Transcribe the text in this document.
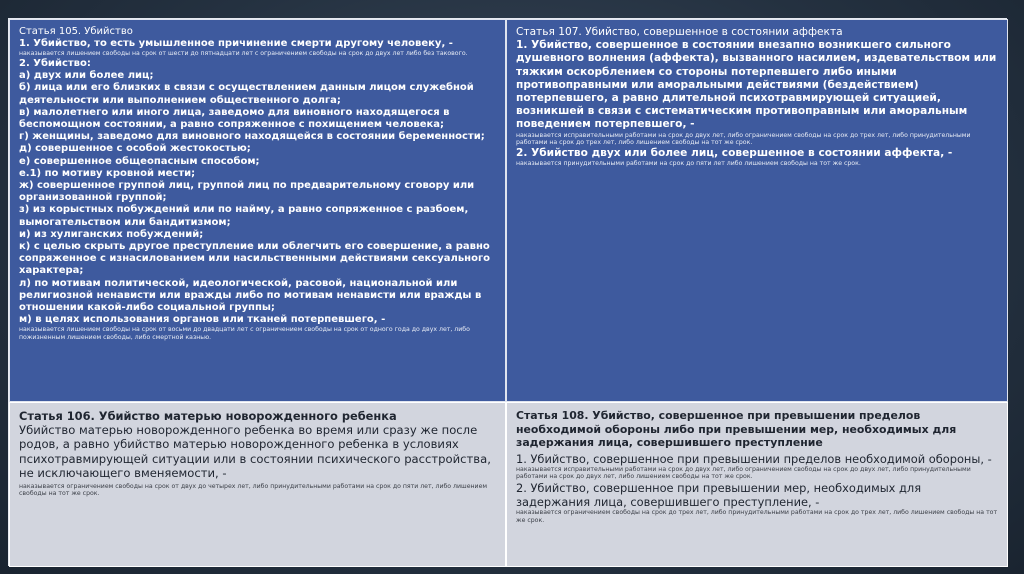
Статья 105. Убийство
1. Убийство, то есть умышленное причинение смерти другому человеку, -
наказывается лишением свободы на срок от шести до пятнадцати лет с ограничением свободы на срок до двух лет либо без такового.
2. Убийство:
а) двух или более лиц;
б) лица или его близких в связи с осуществлением данным лицом служебной деятельности или выполнением общественного долга;
в) малолетнего или иного лица, заведомо для виновного находящегося в беспомощном состоянии, а равно сопряженное с похищением человека;
г) женщины, заведомо для виновного находящейся в состоянии беременности;
д) совершенное с особой жестокостью;
е) совершенное общеопасным способом;
е.1) по мотиву кровной мести;
ж) совершенное группой лиц, группой лиц по предварительному сговору или организованной группой;
з) из корыстных побуждений или по найму, а равно сопряженное с разбоем, вымогательством или бандитизмом;
и) из хулиганских побуждений;
к) с целью скрыть другое преступление или облегчить его совершение, а равно сопряженное с изнасилованием или насильственными действиями сексуального характера;
л) по мотивам политической, идеологической, расовой, национальной или религиозной ненависти или вражды либо по мотивам ненависти или вражды в отношении какой-либо социальной группы;
м) в целях использования органов или тканей потерпевшего, -
наказывается лишением свободы на срок от восьми до двадцати лет с ограничением свободы на срок от одного года до двух лет, либо пожизненным лишением свободы, либо смертной казнью.
Статья 107. Убийство, совершенное в состоянии аффекта
1. Убийство, совершенное в состоянии внезапно возникшего сильного душевного волнения (аффекта), вызванного насилием, издевательством или тяжким оскорблением со стороны потерпевшего либо иными противоправными или аморальными действиями (бездействием) потерпевшего, а равно длительной психотравмирующей ситуацией, возникшей в связи с систематическим противоправным или аморальным поведением потерпевшего, -
наказывается исправительными работами на срок до двух лет, либо ограничением свободы на срок до трех лет, либо принудительными работами на срок до трех лет, либо лишением свободы на тот же срок.
2. Убийство двух или более лиц, совершенное в состоянии аффекта, -
наказывается принудительными работами на срок до пяти лет либо лишением свободы на тот же срок.
Статья 106. Убийство матерью новорожденного ребенка
Убийство матерью новорожденного ребенка во время или сразу же после родов, а равно убийство матерью новорожденного ребенка в условиях психотравмирующей ситуации или в состоянии психического расстройства, не исключающего вменяемости, -
наказывается ограничением свободы на срок от двух до четырех лет, либо принудительными работами на срок до пяти лет, либо лишением свободы на тот же срок.
Статья 108. Убийство, совершенное при превышении пределов необходимой обороны либо при превышении мер, необходимых для задержания лица, совершившего преступление
1. Убийство, совершенное при превышении пределов необходимой обороны, -
наказывается исправительными работами на срок до двух лет, либо ограничением свободы на срок до двух лет, либо принудительными работами на срок до двух лет, либо лишением свободы на тот же срок.
2. Убийство, совершенное при превышении мер, необходимых для задержания лица, совершившего преступление, -
наказывается ограничением свободы на срок до трех лет, либо принудительными работами на срок до трех лет, либо лишением свободы на тот же срок.
